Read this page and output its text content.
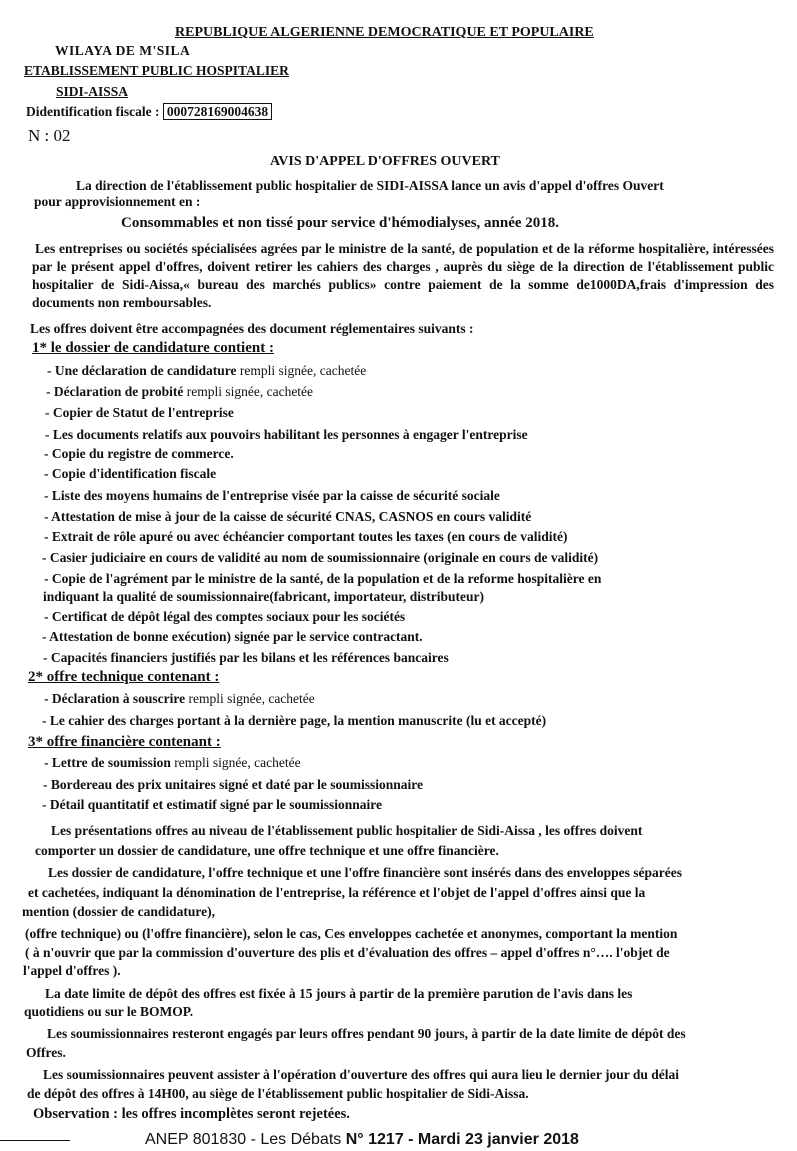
REPUBLIQUE ALGERIENNE DEMOCRATIQUE ET POPULAIRE
WILAYA DE M'SILA
ETABLISSEMENT PUBLIC HOSPITALIER
SIDI-AISSA
Didentification fiscale : 000728169004638
N : 02
AVIS D'APPEL D'OFFRES OUVERT
La direction de l'établissement public hospitalier de SIDI-AISSA lance un avis d'appel d'offres Ouvert
pour approvisionnement en :
Consommables et non tissé pour service d'hémodialyses, année 2018.
Les entreprises ou sociétés spécialisées agrées par le ministre de la santé, de population et de la réforme hospitalière, intéressées par le présent appel d'offres, doivent retirer les cahiers des charges , auprès du siège de la direction de l'établissement public hospitalier de Sidi-Aissa,« bureau des marchés publics» contre paiement de la somme de1000DA,frais d'impression des documents non remboursables.
Les offres doivent être accompagnées des document réglementaires suivants :
1* le dossier de candidature contient :
- Une déclaration de candidature rempli signée, cachetée
- Déclaration de probité rempli signée, cachetée
- Copier de Statut de l'entreprise
- Les documents relatifs aux pouvoirs habilitant les personnes à engager l'entreprise
- Copie du registre de commerce.
- Copie d'identification fiscale
- Liste des moyens humains de l'entreprise visée par la caisse de sécurité sociale
- Attestation de mise à jour de la caisse de sécurité CNAS, CASNOS en cours validité
- Extrait de rôle apuré ou avec échéancier comportant toutes les taxes (en cours de validité)
- Casier judiciaire en cours de validité au nom de soumissionnaire (originale en cours de validité)
- Copie de l'agrément par le ministre de la santé, de la population et de la reforme hospitalière en
indiquant la qualité de soumissionnaire(fabricant, importateur, distributeur)
- Certificat de dépôt légal des comptes sociaux pour les sociétés
- Attestation de bonne exécution) signée par le service contractant.
- Capacités financiers justifiés par les bilans et les références bancaires
2* offre technique contenant :
- Déclaration à souscrire rempli signée, cachetée
- Le cahier des charges portant à la dernière page, la mention manuscrite (lu et accepté)
3* offre financière contenant :
- Lettre de soumission rempli signée, cachetée
- Bordereau des prix unitaires signé et daté par le soumissionnaire
- Détail quantitatif et estimatif signé par le soumissionnaire
Les présentations offres au niveau de l'établissement public hospitalier de Sidi-Aissa , les offres doivent
comporter un dossier de candidature, une offre technique et une offre financière.
Les dossier de candidature, l'offre technique et une l'offre financière sont insérés dans des enveloppes séparées
et cachetées, indiquant la dénomination de l'entreprise, la référence et l'objet de l'appel d'offres ainsi que la
mention (dossier de candidature),
(offre technique) ou (l'offre financière), selon le cas, Ces enveloppes cachetée et anonymes, comportant la mention
( à n'ouvrir que par la commission d'ouverture des plis et d'évaluation des offres – appel d'offres n°…. l'objet de
l'appel d'offres ).
La date limite de dépôt des offres est fixée à 15 jours à partir de la première parution de l'avis dans les
quotidiens ou sur le BOMOP.
Les soumissionnaires resteront engagés par leurs offres pendant 90 jours, à partir de la date limite de dépôt des
Offres.
Les soumissionnaires peuvent assister à l'opération d'ouverture des offres qui aura lieu le dernier jour du délai
de dépôt des offres à 14H00, au siège de l'établissement public hospitalier de Sidi-Aissa.
Observation : les offres incomplètes seront rejetées.
ANEP 801830 - Les Débats N° 1217 - Mardi 23 janvier 2018
